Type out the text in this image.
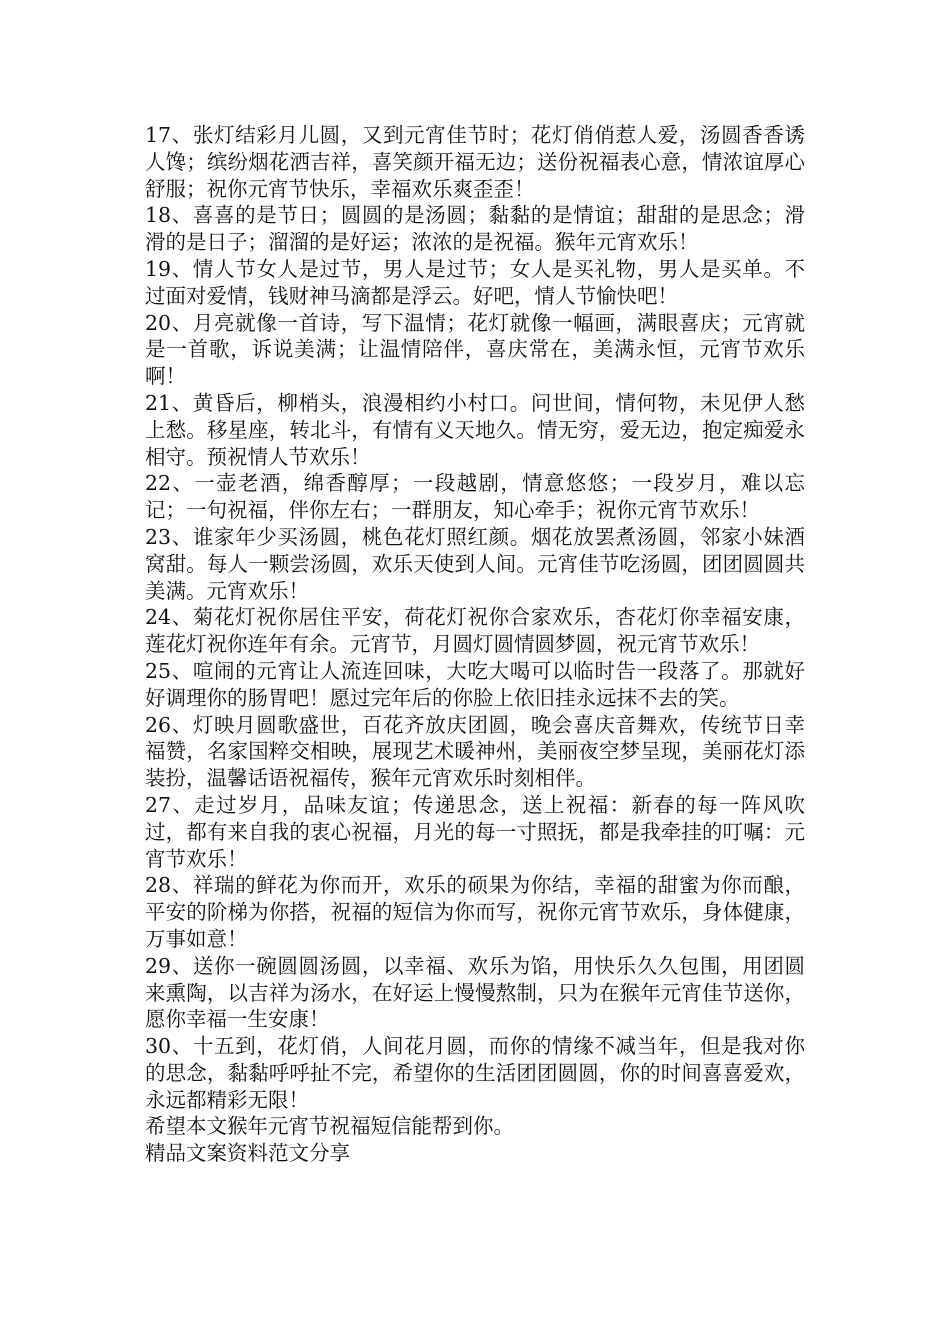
17、张灯结彩月儿圆，又到元宵佳节时；花灯俏俏惹人爱，汤圆香香诱人馋；缤纷烟花洒吉祥，喜笑颜开福无边；送份祝福表心意，情浓谊厚心舒服；祝你元宵节快乐，幸福欢乐爽歪歪！

18、喜喜的是节日；圆圆的是汤圆；黏黏的是情谊；甜甜的是思念；滑滑的是日子；溜溜的是好运；浓浓的是祝福。猴年元宵欢乐！

19、情人节女人是过节，男人是过节；女人是买礼物，男人是买单。不过面对爱情，钱财神马滴都是浮云。好吧，情人节愉快吧！

20、月亮就像一首诗，写下温情；花灯就像一幅画，满眼喜庆；元宵就是一首歌，诉说美满；让温情陪伴，喜庆常在，美满永恒，元宵节欢乐啊！

21、黄昏后，柳梢头，浪漫相约小村口。问世间，情何物，未见伊人愁上愁。移星座，转北斗，有情有义天地久。情无穷，爱无边，抱定痴爱永相守。预祝情人节欢乐！

22、一壶老酒，绵香醇厚；一段越剧，情意悠悠；一段岁月，难以忘记；一句祝福，伴你左右；一群朋友，知心牵手；祝你元宵节欢乐！

23、谁家年少买汤圆，桃色花灯照红颜。烟花放罢煮汤圆，邻家小妹酒窝甜。每人一颗尝汤圆，欢乐天使到人间。元宵佳节吃汤圆，团团圆圆共美满。元宵欢乐！

24、菊花灯祝你居住平安，荷花灯祝你合家欢乐，杏花灯你幸福安康，莲花灯祝你连年有余。元宵节，月圆灯圆情圆梦圆，祝元宵节欢乐！

25、喧闹的元宵让人流连回味，大吃大喝可以临时告一段落了。那就好好调理你的肠胃吧！愿过完年后的你脸上依旧挂永远抹不去的笑。

26、灯映月圆歌盛世，百花齐放庆团圆，晚会喜庆音舞欢，传统节日幸福赞，名家国粹交相映，展现艺术暖神州，美丽夜空梦呈现，美丽花灯添装扮，温馨话语祝福传，猴年元宵欢乐时刻相伴。

27、走过岁月，品味友谊；传递思念，送上祝福：新春的每一阵风吹过，都有来自我的衷心祝福，月光的每一寸照抚，都是我牵挂的叮嘱：元宵节欢乐！

28、祥瑞的鲜花为你而开，欢乐的硕果为你结，幸福的甜蜜为你而酿，平安的阶梯为你搭，祝福的短信为你而写，祝你元宵节欢乐，身体健康，万事如意！

29、送你一碗圆圆汤圆，以幸福、欢乐为馅，用快乐久久包围，用团圆来熏陶，以吉祥为汤水，在好运上慢慢熬制，只为在猴年元宵佳节送你，愿你幸福一生安康！

30、十五到，花灯俏，人间花月圆，而你的情缘不减当年，但是我对你的思念，黏黏呼呼扯不完，希望你的生活团团圆圆，你的时间喜喜爱欢，永远都精彩无限！

希望本文猴年元宵节祝福短信能帮到你。

精品文案资料范文分享
